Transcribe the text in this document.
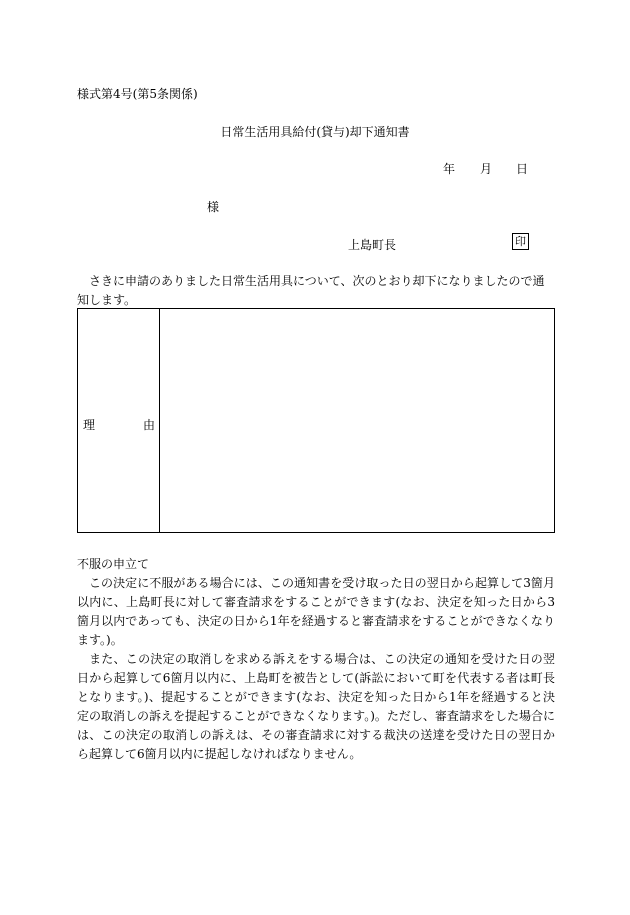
様式第4号(第5条関係)
日常生活用具給付(貸与)却下通知書
年 月 日
様
上島町長	印
さきに申請のありました日常生活用具について、次のとおり却下になりましたので通知します。
理	由
不服の申立て
この決定に不服がある場合には、この通知書を受け取った日の翌日から起算して3箇月以内に、上島町長に対して審査請求をすることができます(なお、決定を知った日から3箇月以内であっても、決定の日から1年を経過すると審査請求をすることができなくなります。)。
また、この決定の取消しを求める訴えをする場合は、この決定の通知を受けた日の翌日から起算して6箇月以内に、上島町を被告として(訴訟において町を代表する者は町長となります。)、提起することができます(なお、決定を知った日から1年を経過すると決定の取消しの訴えを提起することができなくなります。)。ただし、審査請求をした場合には、この決定の取消しの訴えは、その審査請求に対する裁決の送達を受けた日の翌日から起算して6箇月以内に提起しなければなりません。
